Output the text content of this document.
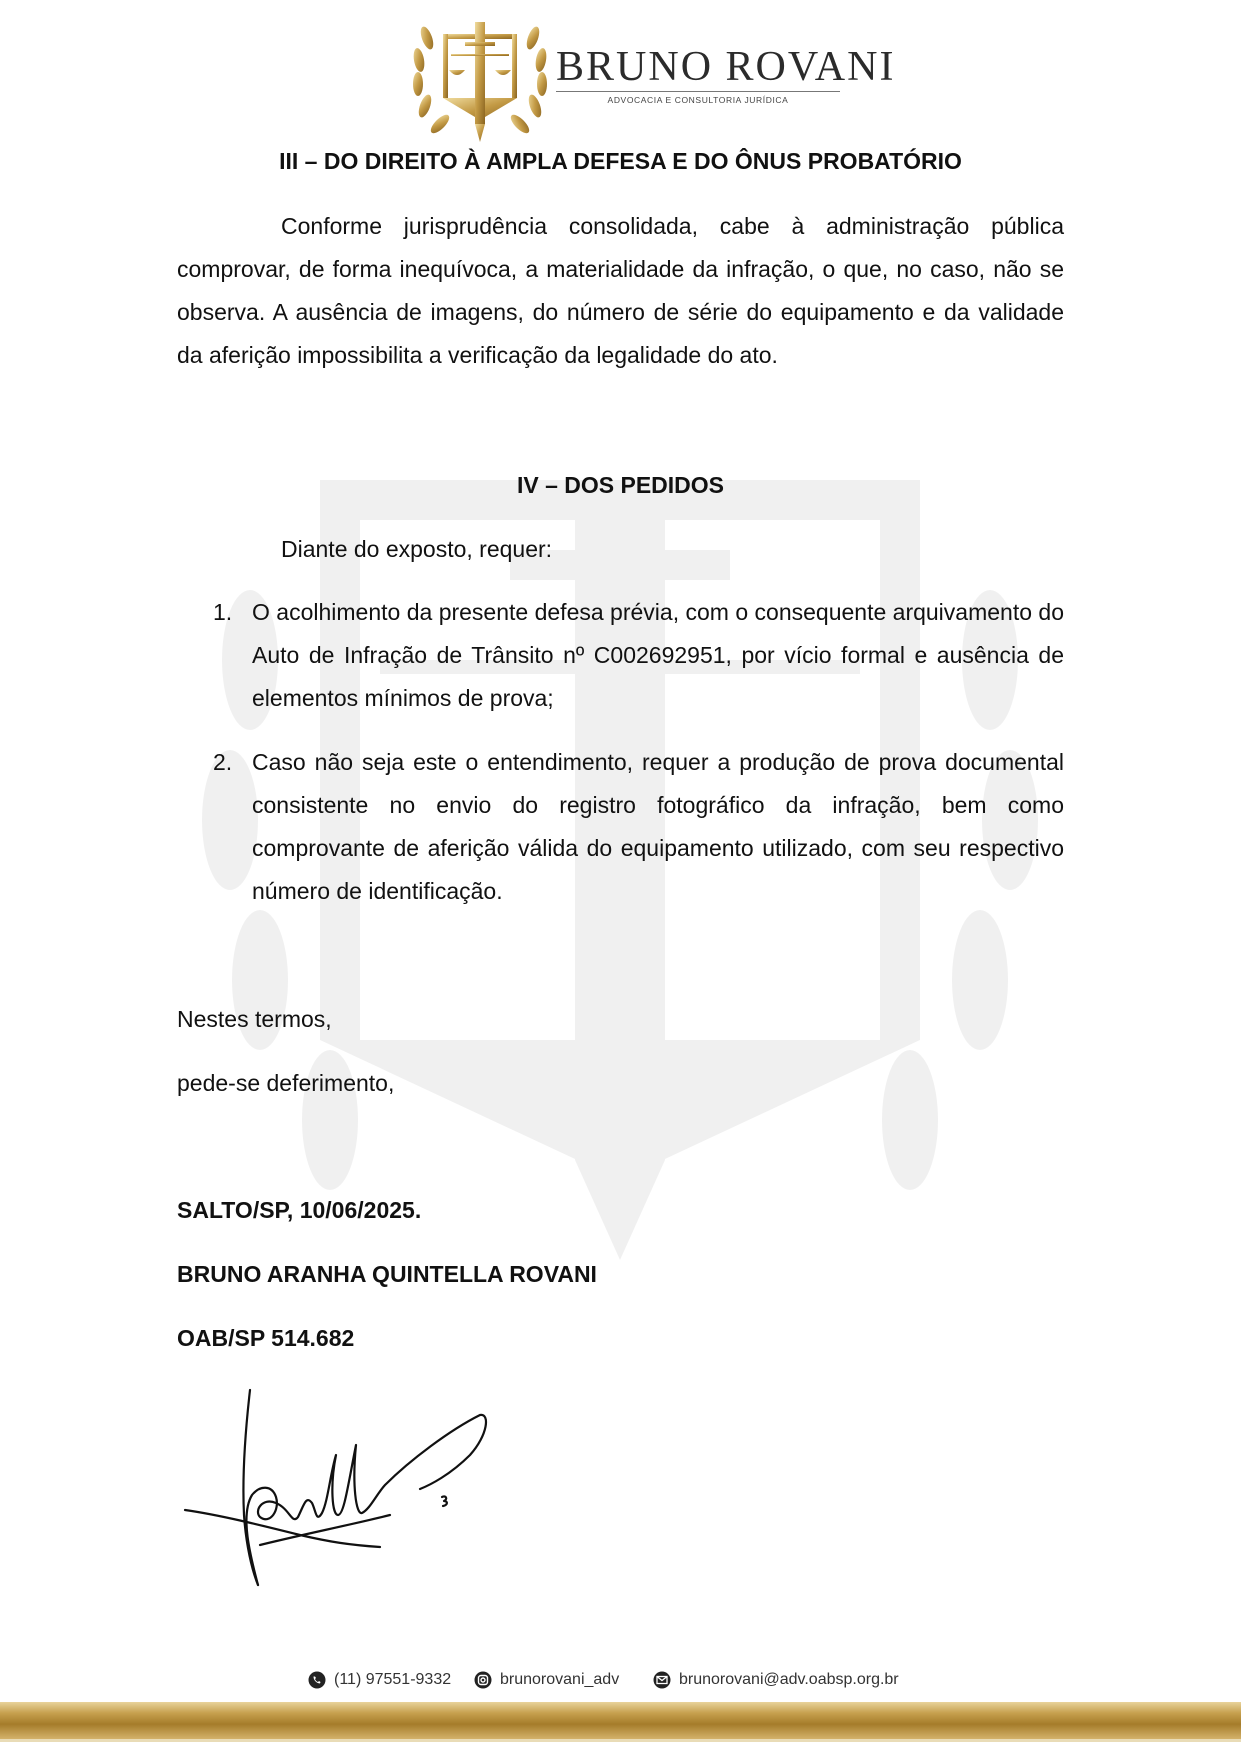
BRUNO ROVANI
ADVOCACIA E CONSULTORIA JURÍDICA
III – DO DIREITO À AMPLA DEFESA E DO ÔNUS PROBATÓRIO

Conforme jurisprudência consolidada, cabe à administração pública comprovar, de forma inequívoca, a materialidade da infração, o que, no caso, não se observa. A ausência de imagens, do número de série do equipamento e da validade da aferição impossibilita a verificação da legalidade do ato.

IV – DOS PEDIDOS

Diante do exposto, requer:

1. O acolhimento da presente defesa prévia, com o consequente arquivamento do Auto de Infração de Trânsito nº C002692951, por vício formal e ausência de elementos mínimos de prova;
2. Caso não seja este o entendimento, requer a produção de prova documental consistente no envio do registro fotográfico da infração, bem como comprovante de aferição válida do equipamento utilizado, com seu respectivo número de identificação.

Nestes termos,

pede-se deferimento,

SALTO/SP, 10/06/2025.

BRUNO ARANHA QUINTELLA ROVANI

OAB/SP 514.682

(11) 97551-9332	brunorovani_adv	brunorovani@adv.oabsp.org.br
